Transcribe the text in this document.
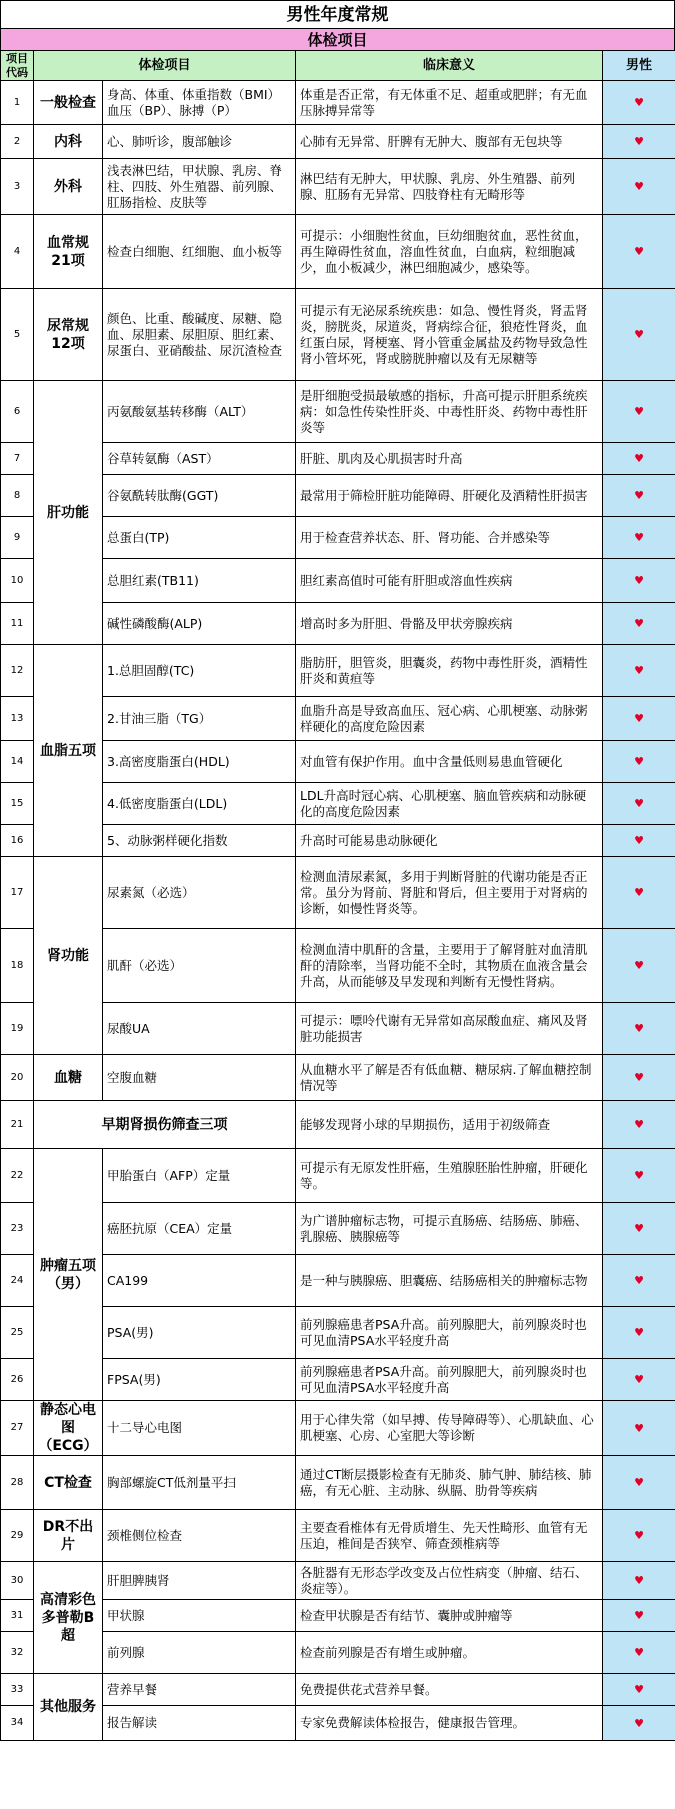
男性年度常规
体检项目
项目代码	体检项目		临床意义	男性
1	一般检查	身高、体重、体重指数（BMI）血压（BP）、脉搏（P）	体重是否正常，有无体重不足、超重或肥胖；有无血压脉搏异常等	♥
2	内科	心、肺听诊，腹部触诊	心肺有无异常、肝脾有无肿大、腹部有无包块等	♥
3	外科	浅表淋巴结，甲状腺、乳房、脊柱、四肢、外生殖器、前列腺、肛肠指检、皮肤等	淋巴结有无肿大，甲状腺、乳房、外生殖器、前列腺、肛肠有无异常、四肢脊柱有无畸形等	♥
4	血常规21项	检查白细胞、红细胞、血小板等	可提示：小细胞性贫血，巨幼细胞贫血，恶性贫血，再生障碍性贫血，溶血性贫血，白血病，粒细胞减少，血小板减少，淋巴细胞减少，感染等。	♥
5	尿常规12项	颜色、比重、酸碱度、尿糖、隐血、尿胆素、尿胆原、胆红素、尿蛋白、亚硝酸盐、尿沉渣检查	可提示有无泌尿系统疾患：如急、慢性肾炎，肾盂肾炎，膀胱炎，尿道炎，肾病综合征，狼疮性肾炎，血红蛋白尿，肾梗塞、肾小管重金属盐及药物导致急性肾小管坏死，肾或膀胱肿瘤以及有无尿糖等	♥
6	肝功能	丙氨酸氨基转移酶（ALT）	是肝细胞受损最敏感的指标，升高可提示肝胆系统疾病：如急性传染性肝炎、中毒性肝炎、药物中毒性肝炎等	♥
7		谷草转氨酶（AST）	肝脏、肌肉及心肌损害时升高	♥
8		谷氨酰转肽酶(GGT)	最常用于筛检肝脏功能障碍、肝硬化及酒精性肝损害	♥
9		总蛋白(TP)	用于检查营养状态、肝、肾功能、合并感染等	♥
10		总胆红素(TB11)	胆红素高值时可能有肝胆或溶血性疾病	♥
11		碱性磷酸酶(ALP)	增高时多为肝胆、骨骼及甲状旁腺疾病	♥
12	血脂五项	1.总胆固醇(TC)	脂肪肝，胆管炎，胆囊炎，药物中毒性肝炎，酒精性肝炎和黄疸等	♥
13		2.甘油三脂（TG）	血脂升高是导致高血压、冠心病、心肌梗塞、动脉粥样硬化的高度危险因素	♥
14		3.高密度脂蛋白(HDL)	对血管有保护作用。血中含量低则易患血管硬化	♥
15		4.低密度脂蛋白(LDL)	LDL升高时冠心病、心肌梗塞、脑血管疾病和动脉硬化的高度危险因素	♥
16		5、动脉粥样硬化指数	升高时可能易患动脉硬化	♥
17	肾功能	尿素氮（必选）	检测血清尿素氮，多用于判断肾脏的代谢功能是否正常。虽分为肾前、肾脏和肾后，但主要用于对肾病的诊断，如慢性肾炎等。	♥
18		肌酐（必选）	检测血清中肌酐的含量，主要用于了解肾脏对血清肌酐的清除率，当肾功能不全时，其物质在血液含量会升高，从而能够及早发现和判断有无慢性肾病。	♥
19		尿酸UA	可提示：嘌呤代谢有无异常如高尿酸血症、痛风及肾脏功能损害	♥
20	血糖	空腹血糖	从血糖水平了解是否有低血糖、糖尿病.了解血糖控制情况等	♥
21	早期肾损伤筛查三项		能够发现肾小球的早期损伤，适用于初级筛查	♥
22	肿瘤五项（男）	甲胎蛋白（AFP）定量	可提示有无原发性肝癌，生殖腺胚胎性肿瘤，肝硬化等。	♥
23		癌胚抗原（CEA）定量	为广谱肿瘤标志物，可提示直肠癌、结肠癌、肺癌、乳腺癌、胰腺癌等	♥
24		CA199	是一种与胰腺癌、胆囊癌、结肠癌相关的肿瘤标志物	♥
25		PSA(男)	前列腺癌患者PSA升高。前列腺肥大，前列腺炎时也可见血清PSA水平轻度升高	♥
26		FPSA(男)	前列腺癌患者PSA升高。前列腺肥大，前列腺炎时也可见血清PSA水平轻度升高	♥
27	静态心电图（ECG）	十二导心电图	用于心律失常（如早搏、传导障碍等）、心肌缺血、心肌梗塞、心房、心室肥大等诊断	♥
28	CT检查	胸部螺旋CT低剂量平扫	通过CT断层摄影检查有无肺炎、肺气肿、肺结核、肺癌，有无心脏、主动脉、纵膈、肋骨等疾病	♥
29	DR不出片	颈椎侧位检查	主要查看椎体有无骨质增生、先天性畸形、血管有无压迫，椎间是否狭窄、筛查颈椎病等	♥
30	高清彩色多普勒B超	肝胆脾胰肾	各脏器有无形态学改变及占位性病变（肿瘤、结石、炎症等）。	♥
31		甲状腺	检查甲状腺是否有结节、囊肿或肿瘤等	♥
32		前列腺	检查前列腺是否有增生或肿瘤。	♥
33	其他服务	营养早餐	免费提供花式营养早餐。	♥
34		报告解读	专家免费解读体检报告，健康报告管理。	♥
